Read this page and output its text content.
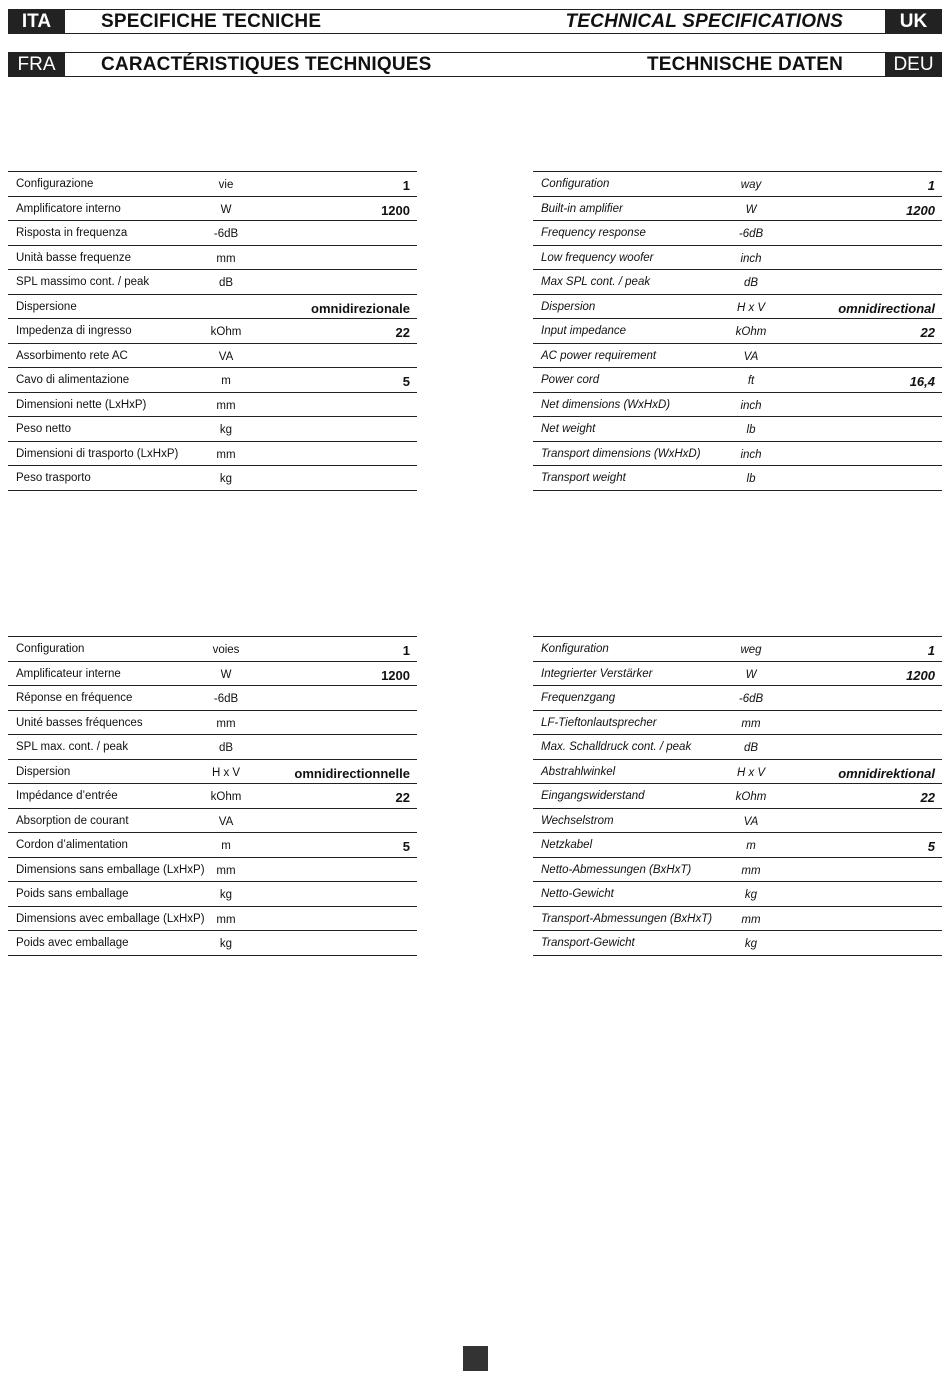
ITA	SPECIFICHE TECNICHE	TECHNICAL SPECIFICATIONS	UK
FRA	CARACTÉRISTIQUES TECHNIQUES	TECHNISCHE DATEN	DEU
Configurazione	vie	1
Amplificatore interno	W	1200
Risposta in frequenza	-6dB
Unità basse frequenze	mm
SPL massimo cont. / peak	dB
Dispersione	omnidirezionale
Impedenza di ingresso	kOhm	22
Assorbimento rete AC	VA
Cavo di alimentazione	m	5
Dimensioni nette (LxHxP)	mm
Peso netto	kg
Dimensioni di trasporto (LxHxP)	mm
Peso trasporto	kg
Configuration	way	1
Built-in amplifier	W	1200
Frequency response	-6dB
Low frequency woofer	inch
Max SPL cont. / peak	dB
Dispersion	H x V	omnidirectional
Input impedance	kOhm	22
AC power requirement	VA
Power cord	ft	16,4
Net dimensions (WxHxD)	inch
Net weight	lb
Transport dimensions (WxHxD)	inch
Transport weight	lb
Configuration	voies	1
Amplificateur interne	W	1200
Réponse en fréquence	-6dB
Unité basses fréquences	mm
SPL max. cont. / peak	dB
Dispersion	H x V	omnidirectionnelle
Impédance d’entrée	kOhm	22
Absorption de courant	VA
Cordon d’alimentation	m	5
Dimensions sans emballage (LxHxP) mm
Poids sans emballage	kg
Dimensions avec emballage (LxHxP) mm
Poids avec emballage	kg
Konfiguration	weg	1
Integrierter Verstärker	W	1200
Frequenzgang	-6dB
LF-Tieftonlautsprecher	mm
Max. Schalldruck cont. / peak	dB
Abstrahlwinkel	H x V	omnidirektional
Eingangswiderstand	kOhm	22
Wechselstrom	VA
Netzkabel	m	5
Netto-Abmessungen (BxHxT)	mm
Netto-Gewicht	kg
Transport-Abmessungen (BxHxT)	mm
Transport-Gewicht	kg
